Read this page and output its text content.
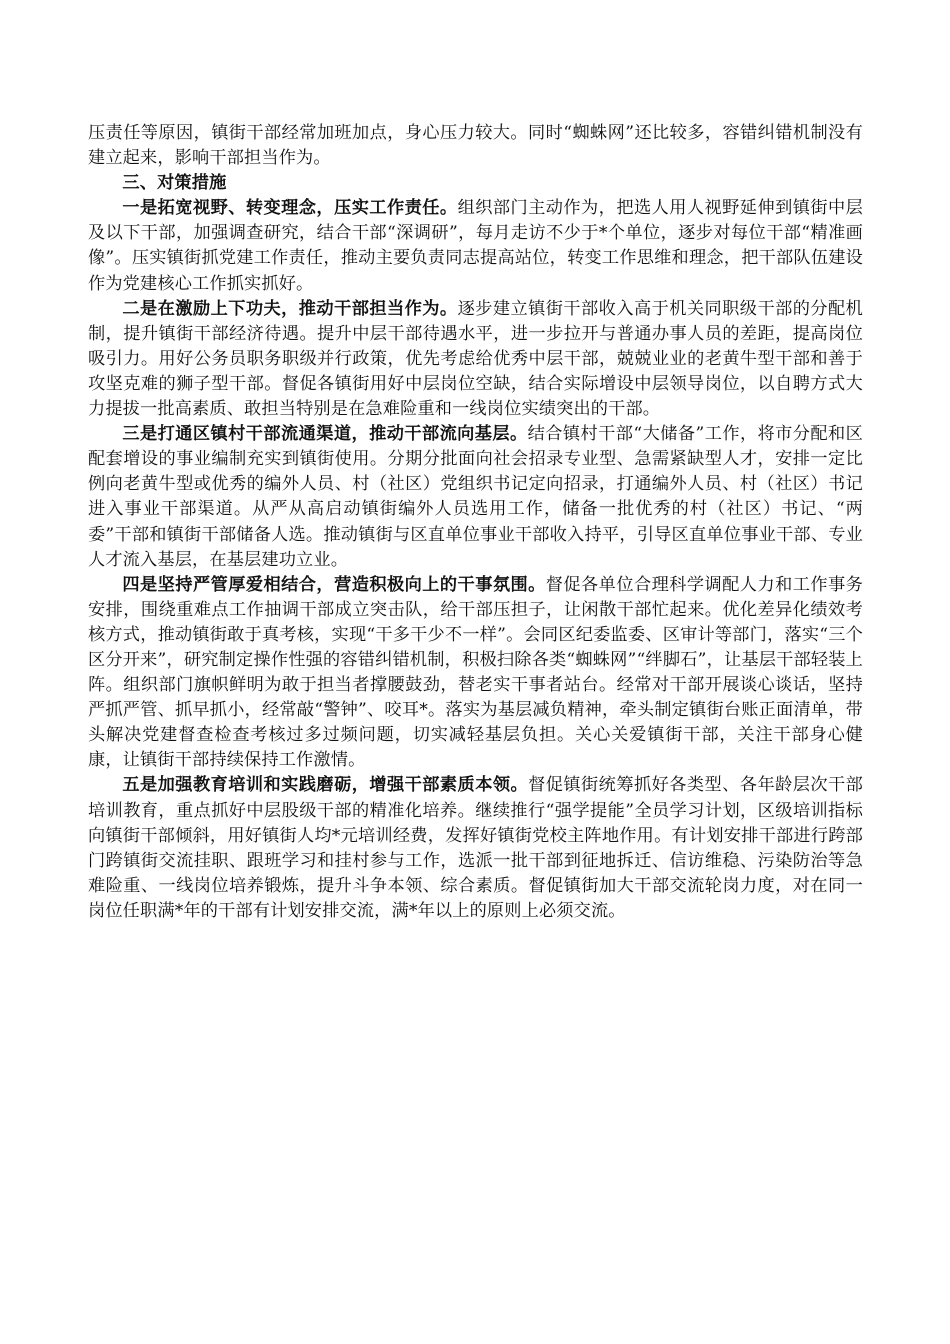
压责任等原因，镇街干部经常加班加点，身心压力较大。同时“蜘蛛网”还比较多，容错纠错机制没有建立起来，影响干部担当作为。

三、对策措施

一是拓宽视野、转变理念，压实工作责任。组织部门主动作为，把选人用人视野延伸到镇街中层及以下干部，加强调查研究，结合干部“深调研”，每月走访不少于*个单位，逐步对每位干部“精准画像”。压实镇街抓党建工作责任，推动主要负责同志提高站位，转变工作思维和理念，把干部队伍建设作为党建核心工作抓实抓好。

二是在激励上下功夫，推动干部担当作为。逐步建立镇街干部收入高于机关同职级干部的分配机制，提升镇街干部经济待遇。提升中层干部待遇水平，进一步拉开与普通办事人员的差距，提高岗位吸引力。用好公务员职务职级并行政策，优先考虑给优秀中层干部，兢兢业业的老黄牛型干部和善于攻坚克难的狮子型干部。督促各镇街用好中层岗位空缺，结合实际增设中层领导岗位，以自聘方式大力提拔一批高素质、敢担当特别是在急难险重和一线岗位实绩突出的干部。

三是打通区镇村干部流通渠道，推动干部流向基层。结合镇村干部“大储备”工作，将市分配和区配套增设的事业编制充实到镇街使用。分期分批面向社会招录专业型、急需紧缺型人才，安排一定比例向老黄牛型或优秀的编外人员、村（社区）党组织书记定向招录，打通编外人员、村（社区）书记进入事业干部渠道。从严从高启动镇街编外人员选用工作，储备一批优秀的村（社区）书记、“两委”干部和镇街干部储备人选。推动镇街与区直单位事业干部收入持平，引导区直单位事业干部、专业人才流入基层，在基层建功立业。

四是坚持严管厚爱相结合，营造积极向上的干事氛围。督促各单位合理科学调配人力和工作事务安排，围绕重难点工作抽调干部成立突击队，给干部压担子，让闲散干部忙起来。优化差异化绩效考核方式，推动镇街敢于真考核，实现“干多干少不一样”。会同区纪委监委、区审计等部门，落实“三个区分开来”，研究制定操作性强的容错纠错机制，积极扫除各类“蜘蛛网”“绊脚石”，让基层干部轻装上阵。组织部门旗帜鲜明为敢于担当者撑腰鼓劲，替老实干事者站台。经常对干部开展谈心谈话，坚持严抓严管、抓早抓小，经常敲“警钟”、咬耳*。落实为基层减负精神，牵头制定镇街台账正面清单，带头解决党建督查检查考核过多过频问题，切实减轻基层负担。关心关爱镇街干部，关注干部身心健康，让镇街干部持续保持工作激情。

五是加强教育培训和实践磨砺，增强干部素质本领。督促镇街统筹抓好各类型、各年龄层次干部培训教育，重点抓好中层股级干部的精准化培养。继续推行“强学提能”全员学习计划，区级培训指标向镇街干部倾斜，用好镇街人均*元培训经费，发挥好镇街党校主阵地作用。有计划安排干部进行跨部门跨镇街交流挂职、跟班学习和挂村参与工作，选派一批干部到征地拆迁、信访维稳、污染防治等急难险重、一线岗位培养锻炼，提升斗争本领、综合素质。督促镇街加大干部交流轮岗力度，对在同一岗位任职满*年的干部有计划安排交流，满*年以上的原则上必须交流。
